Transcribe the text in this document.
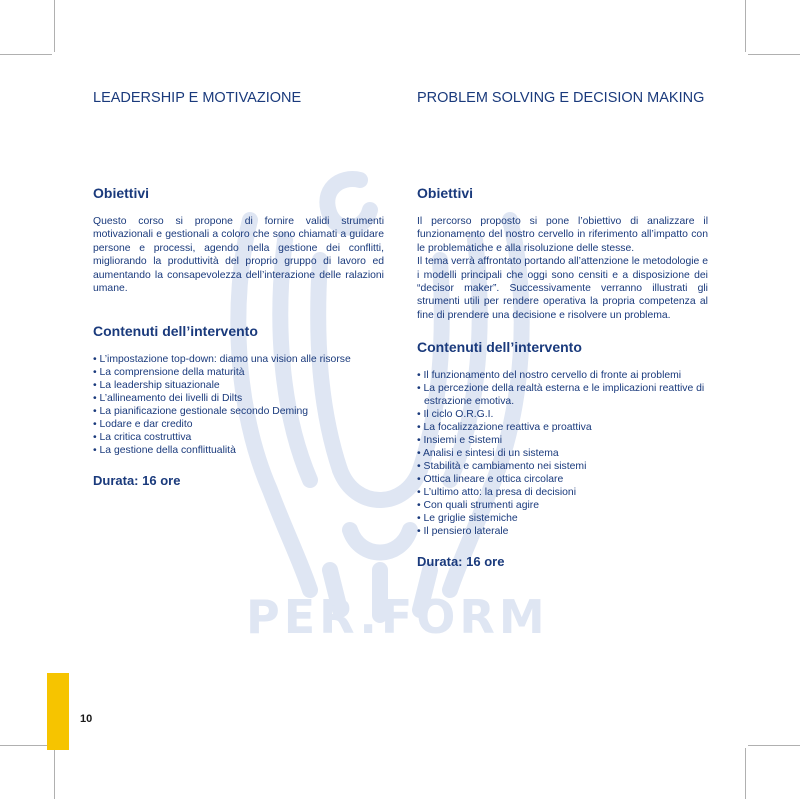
PER.FORM
LEADERSHIP E MOTIVAZIONE
Obiettivi

Questo corso si propone di fornire validi strumenti motivazionali e gestionali a coloro che sono chiamati a guidare persone e processi, agendo nella gestione dei conflitti, migliorando la produttività del proprio gruppo di lavoro ed aumentando la consapevolezza dell’interazione delle ralazioni umane.

Contenuti dell’intervento
• L’impostazione top-down: diamo una vision alle risorse
• La comprensione della maturità
• La leadership situazionale
• L’allineamento dei livelli di Dilts
• La pianificazione gestionale secondo Deming
• Lodare e dar credito
• La critica costruttiva
• La gestione della conflittualità

Durata: 16 ore

PROBLEM SOLVING E DECISION MAKING
Obiettivi

Il percorso proposto si pone l’obiettivo di analizzare il funzionamento del nostro cervello in riferimento all’impatto con le problematiche e alla risoluzione delle stesse.

Il tema verrà affrontato portando all’attenzione le metodologie e i modelli principali che oggi sono censiti e a disposizione dei “decisor maker”. Successivamente verranno illustrati gli strumenti utili per rendere operativa la propria competenza al fine di prendere una decisione e risolvere un problema.

Contenuti dell’intervento
• Il funzionamento del nostro cervello di fronte ai problemi
• La percezione della realtà esterna e le implicazioni reattive di estrazione emotiva.
• Il ciclo O.R.G.I.
• La focalizzazione reattiva e proattiva
• Insiemi e Sistemi
• Analisi e sintesi di un sistema
• Stabilità e cambiamento nei sistemi
• Ottica lineare e ottica circolare
• L’ultimo atto: la presa di decisioni
• Con quali strumenti agire
• Le griglie sistemiche
• Il pensiero laterale

Durata: 16 ore

10
